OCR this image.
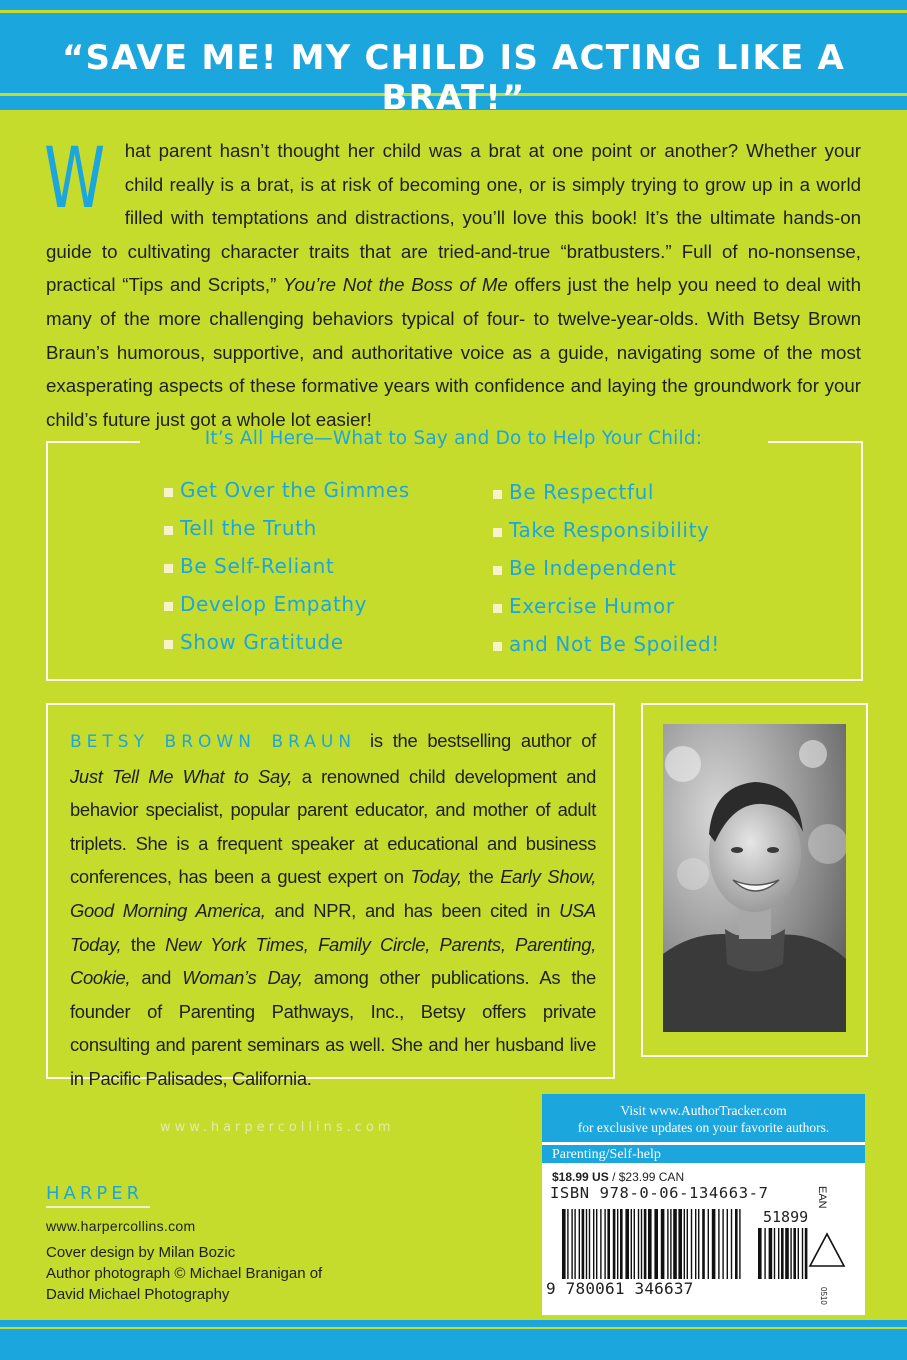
“SAVE ME! MY CHILD IS ACTING LIKE A BRAT!”

W hat parent hasn’t thought her child was a brat at one point or another? Whether your child really is a brat, is at risk of becoming one, or is simply trying to grow up in a world filled with temptations and distractions, you’ll love this book! It’s the ultimate hands-on guide to cultivating character traits that are tried-and-true “bratbusters.” Full of no-nonsense, practical “Tips and Scripts,” You’re Not the Boss of Me offers just the help you need to deal with many of the more challenging behaviors typical of four- to twelve-year-olds. With Betsy Brown Braun’s humorous, supportive, and authoritative voice as a guide, navigating some of the most exasperating aspects of these formative years with confidence and laying the groundwork for your child’s future just got a whole lot easier!

It’s All Here—What to Say and Do to Help Your Child:
Get Over the Gimmes
Tell the Truth
Be Self-Reliant
Develop Empathy
Show Gratitude
Be Respectful
Take Responsibility
Be Independent
Exercise Humor
and Not Be Spoiled!

BETSY BROWN BRAUN is the bestselling author of Just Tell Me What to Say, a renowned child development and behavior specialist, popular parent educator, and mother of adult triplets. She is a frequent speaker at educational and business conferences, has been a guest expert on Today, the Early Show, Good Morning America, and NPR, and has been cited in USA Today, the New York Times, Family Circle, Parents, Parenting, Cookie, and Woman’s Day, among other publications. As the founder of Parenting Pathways, Inc., Betsy offers private consulting and parent seminars as well. She and her husband live in Pacific Palisades, California.

www.harpercollins.com
HARPER
www.harpercollins.com
Cover design by Milan Bozic
Author photograph © Michael Branigan of
David Michael Photography
Visit www.AuthorTracker.com
for exclusive updates on your favorite authors.
Parenting/Self-help
$18.99 US / $23.99 CAN
ISBN 978-0-06-134663-7
51899
EAN
9 780061 346637	0510
